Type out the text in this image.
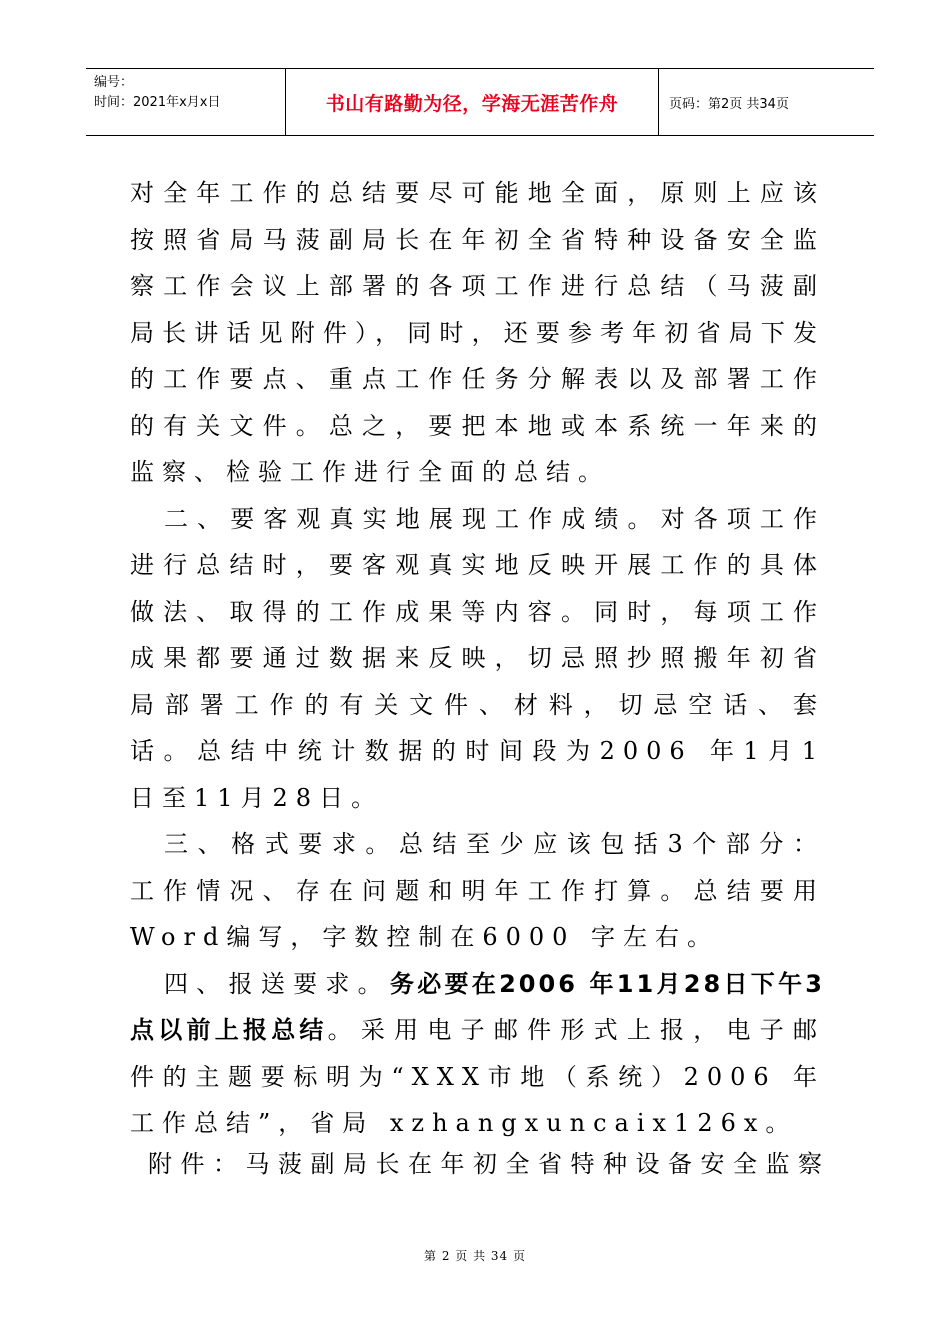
编号：
时间：2021年x月x日	书山有路勤为径，学海无涯苦作舟	页码：第2页 共34页

对全年工作的总结要尽可能地全面，原则上应该按照省局马菠副局长在年初全省特种设备安全监察工作会议上部署的各项工作进行总结（马菠副局长讲话见附件），同时，还要参考年初省局下发的工作要点、重点工作任务分解表以及部署工作的有关文件。总之，要把本地或本系统一年来的监察、检验工作进行全面的总结。

二、要客观真实地展现工作成绩。对各项工作进行总结时，要客观真实地反映开展工作的具体做法、取得的工作成果等内容。同时，每项工作成果都要通过数据来反映，切忌照抄照搬年初省局部署工作的有关文件、材料，切忌空话、套话。总结中统计数据的时间段为2006 年1月1日至11月28日。

三、格式要求。总结至少应该包括3个部分：工作情况、存在问题和明年工作打算。总结要用Word编写，字数控制在6000 字左右。

四、报送要求。务必要在2006 年11月28日下午3点以前上报总结。采用电子邮件形式上报，电子邮件的主题要标明为“XXX市地（系统）2006 年工作总结”，省局 xzhangxuncaix126x。

附件：马菠副局长在年初全省特种设备安全监察

第 2 页 共 34 页
